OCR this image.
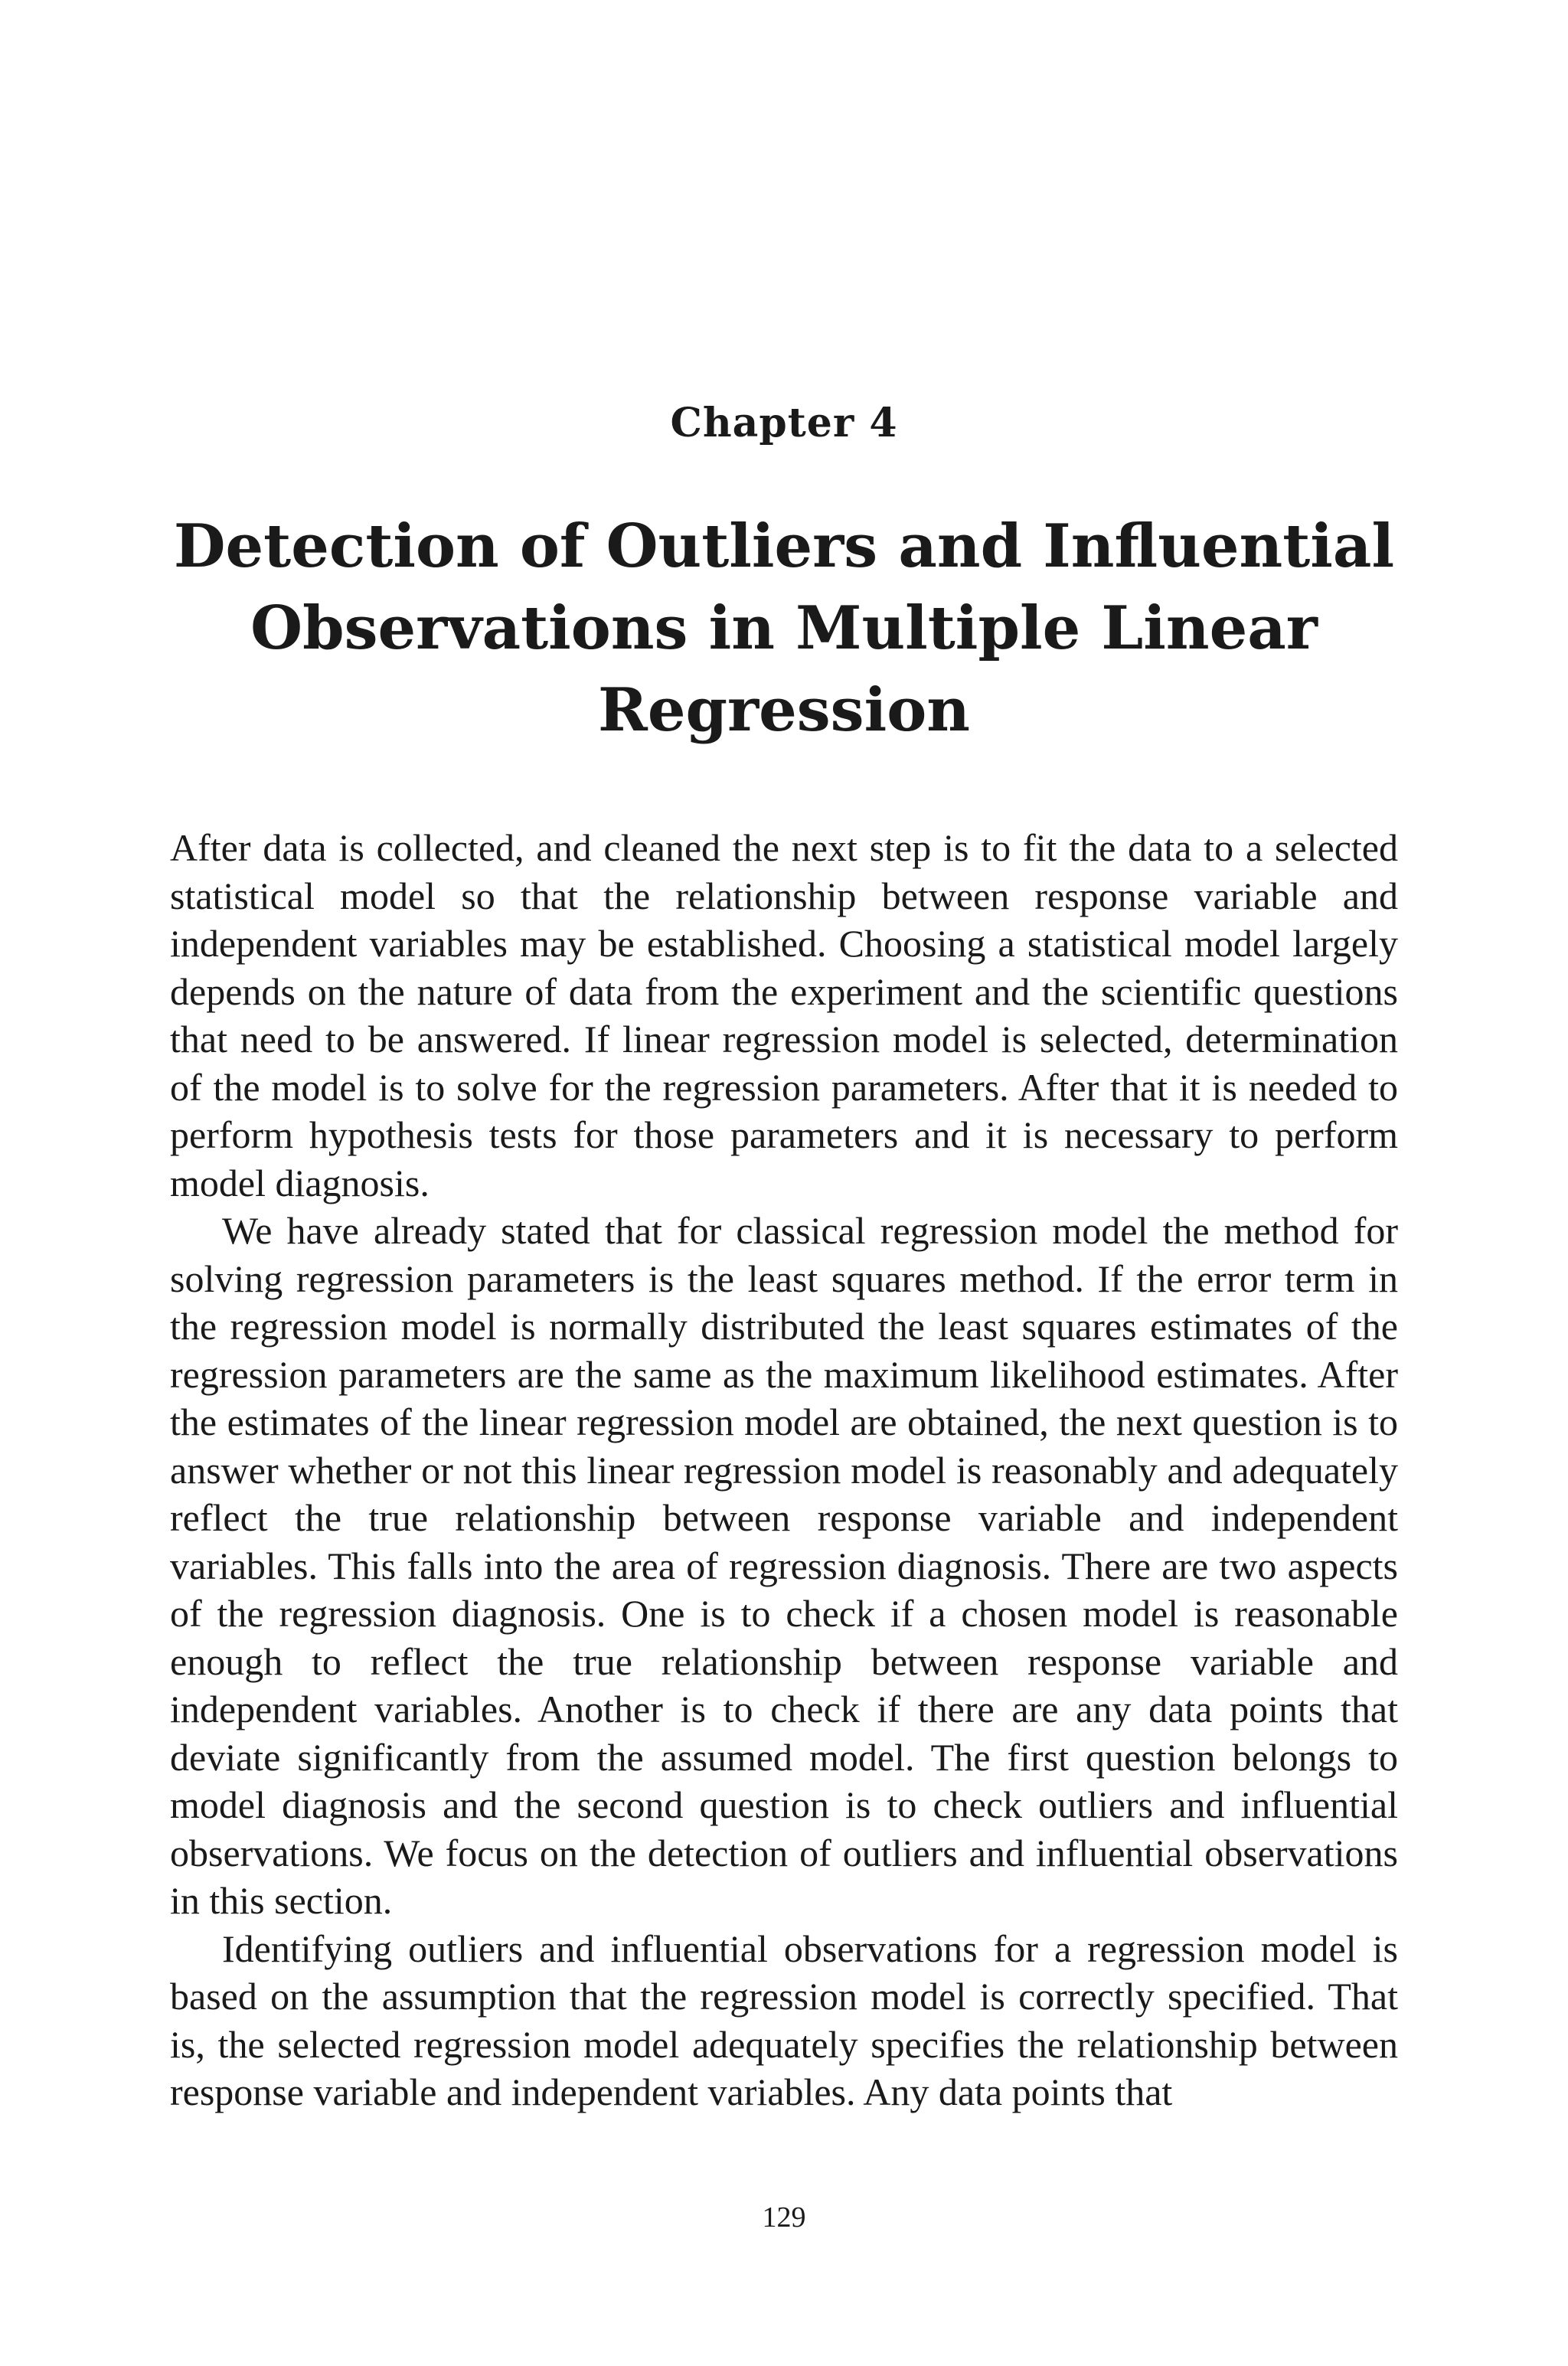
Chapter 4
Detection of Outliers and Influential Observations in Multiple Linear Regression

After data is collected, and cleaned the next step is to fit the data to a selected statistical model so that the relationship between response variable and independent variables may be established. Choosing a statistical model largely depends on the nature of data from the experiment and the scientific questions that need to be answered. If linear regression model is selected, determination of the model is to solve for the regression parameters. After that it is needed to perform hypothesis tests for those parameters and it is necessary to perform model diagnosis.

We have already stated that for classical regression model the method for solving regression parameters is the least squares method. If the error term in the regression model is normally distributed the least squares estimates of the regression parameters are the same as the maximum likelihood estimates. After the estimates of the linear regression model are obtained, the next question is to answer whether or not this linear regression model is reasonably and adequately reflect the true relationship between response variable and independent variables. This falls into the area of regression diagnosis. There are two aspects of the regression diagnosis. One is to check if a chosen model is reasonable enough to reflect the true relationship between response variable and independent variables. Another is to check if there are any data points that deviate significantly from the assumed model. The first question belongs to model diagnosis and the second question is to check outliers and influential observations. We focus on the detection of outliers and influential observations in this section.

Identifying outliers and influential observations for a regression model is based on the assumption that the regression model is correctly specified. That is, the selected regression model adequately specifies the relationship between response variable and independent variables. Any data points that

129
